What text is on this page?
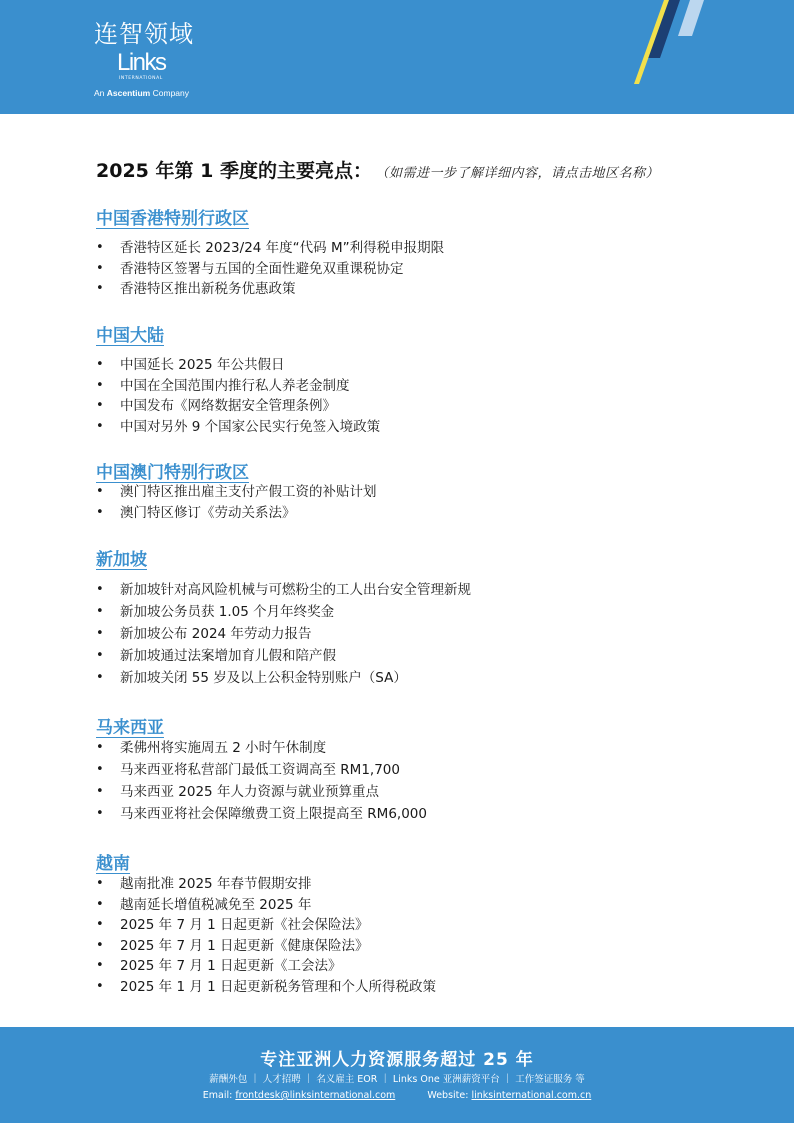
连智领域
Links
INTERNATIONAL
An Ascentium Company
2025 年第 1 季度的主要亮点： （如需进一步了解详细内容，请点击地区名称）
中国香港特别行政区
• 香港特区延长 2023/24 年度“代码 M”利得税申报期限
• 香港特区签署与五国的全面性避免双重课税协定
• 香港特区推出新税务优惠政策
中国大陆
• 中国延长 2025 年公共假日
• 中国在全国范围内推行私人养老金制度
• 中国发布《网络数据安全管理条例》
• 中国对另外 9 个国家公民实行免签入境政策
中国澳门特别行政区
• 澳门特区推出雇主支付产假工资的补贴计划
• 澳门特区修订《劳动关系法》
新加坡
• 新加坡针对高风险机械与可燃粉尘的工人出台安全管理新规
• 新加坡公务员获 1.05 个月年终奖金
• 新加坡公布 2024 年劳动力报告
• 新加坡通过法案增加育儿假和陪产假
• 新加坡关闭 55 岁及以上公积金特别账户（SA）
马来西亚
• 柔佛州将实施周五 2 小时午休制度
• 马来西亚将私营部门最低工资调高至 RM1,700
• 马来西亚 2025 年人力资源与就业预算重点
• 马来西亚将社会保障缴费工资上限提高至 RM6,000
越南
• 越南批准 2025 年春节假期安排
• 越南延长增值税减免至 2025 年
• 2025 年 7 月 1 日起更新《社会保险法》
• 2025 年 7 月 1 日起更新《健康保险法》
• 2025 年 7 月 1 日起更新《工会法》
• 2025 年 1 月 1 日起更新税务管理和个人所得税政策
专注亚洲人力资源服务超过 25 年
薪酬外包 ｜ 人才招聘 ｜ 名义雇主 EOR ｜ Links One 亚洲薪资平台 ｜ 工作签证服务 等
Email: frontdesk@linksinternational.com	Website: linksinternational.com.cn
